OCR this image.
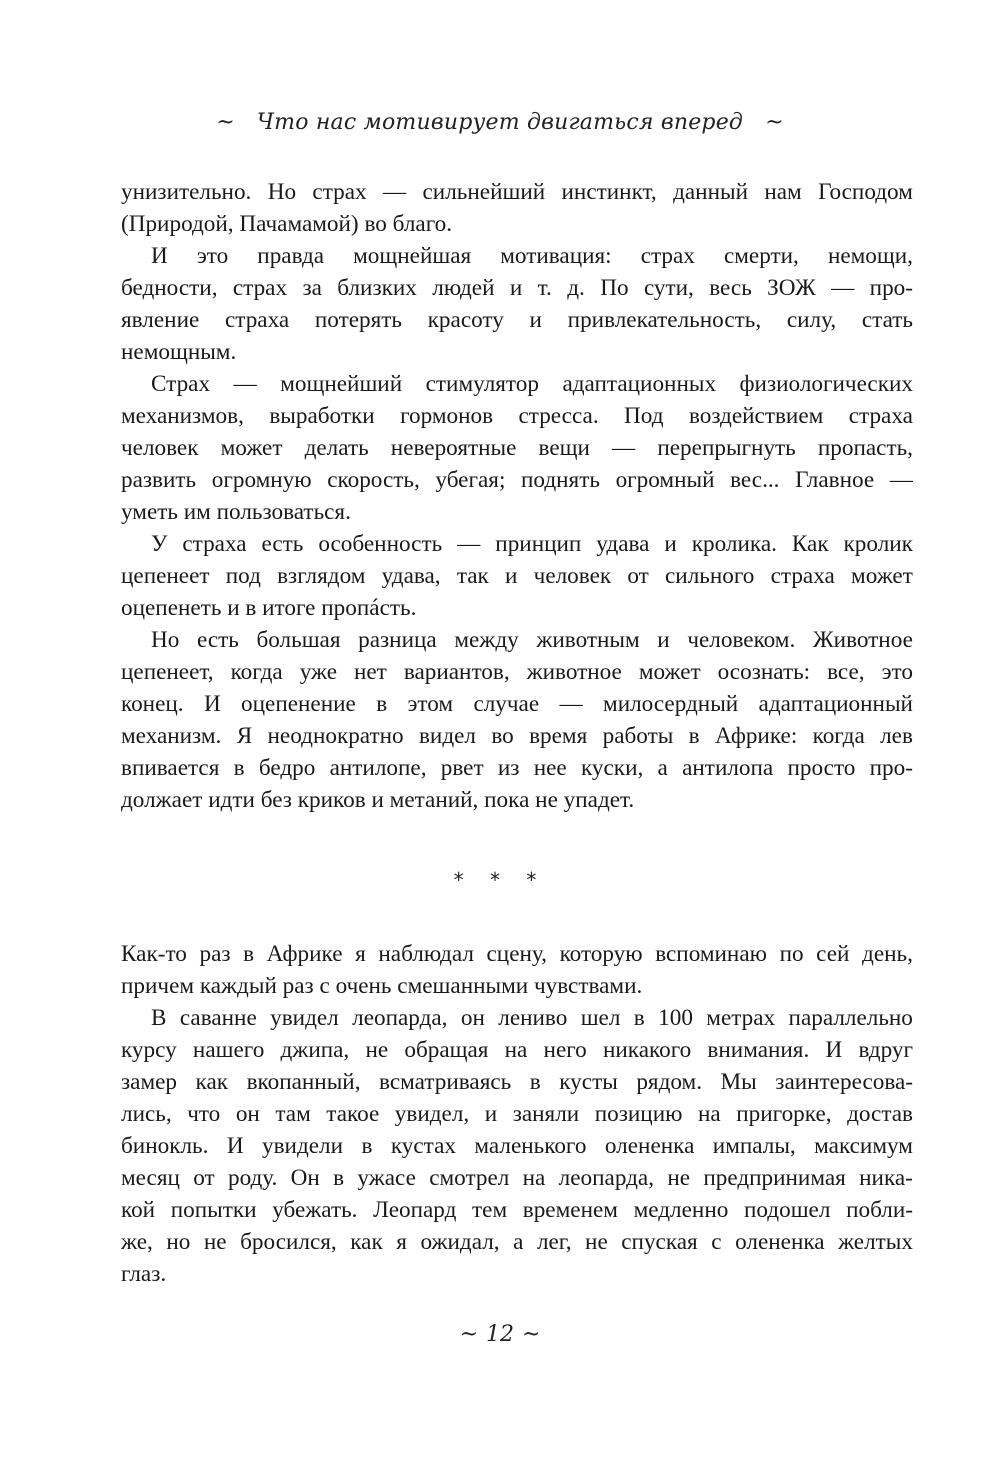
~ Что нас мотивирует двигаться вперед ~
унизительно. Но страх — сильнейший инстинкт, данный нам Господом
(Природой, Пачамамой) во благо.
И это правда мощнейшая мотивация: страх смерти, немощи,
бедности, страх за близких людей и т. д. По сути, весь ЗОЖ — про-
явление страха потерять красоту и привлекательность, силу, стать
немощным.
Страх — мощнейший стимулятор адаптационных физиологических
механизмов, выработки гормонов стресса. Под воздействием страха
человек может делать невероятные вещи — перепрыгнуть пропасть,
развить огромную скорость, убегая; поднять огромный вес... Главное —
уметь им пользоваться.
У страха есть особенность — принцип удава и кролика. Как кролик
цепенеет под взглядом удава, так и человек от сильного страха может
оцепенеть и в итоге пропáсть.
Но есть большая разница между животным и человеком. Животное
цепенеет, когда уже нет вариантов, животное может осознать: все, это
конец. И оцепенение в этом случае — милосердный адаптационный
механизм. Я неоднократно видел во время работы в Африке: когда лев
впивается в бедро антилопе, рвет из нее куски, а антилопа просто про-
должает идти без криков и метаний, пока не упадет.
* * *
Как-то раз в Африке я наблюдал сцену, которую вспоминаю по сей день,
причем каждый раз с очень смешанными чувствами.
В саванне увидел леопарда, он лениво шел в 100 метрах параллельно
курсу нашего джипа, не обращая на него никакого внимания. И вдруг
замер как вкопанный, всматриваясь в кусты рядом. Мы заинтересова-
лись, что он там такое увидел, и заняли позицию на пригорке, достав
бинокль. И увидели в кустах маленького олененка импалы, максимум
месяц от роду. Он в ужасе смотрел на леопарда, не предпринимая ника-
кой попытки убежать. Леопард тем временем медленно подошел побли-
же, но не бросился, как я ожидал, а лег, не спуская с олененка желтых
глаз.
~ 12 ~
